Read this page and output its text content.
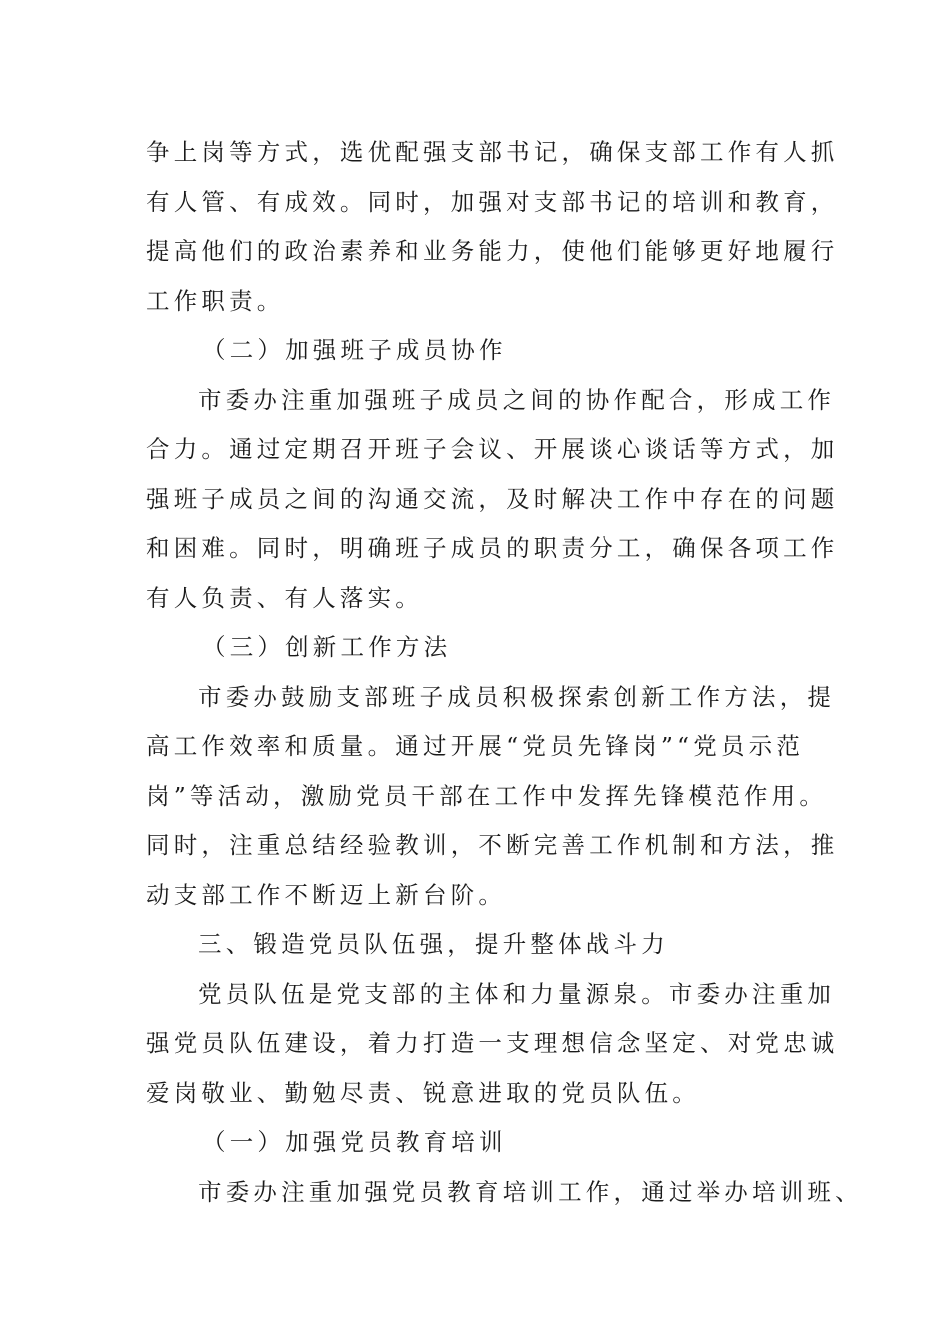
争上岗等方式，选优配强支部书记，确保支部工作有人抓
有人管、有成效。同时，加强对支部书记的培训和教育，
提高他们的政治素养和业务能力，使他们能够更好地履行
工作职责。
（二）加强班子成员协作
市委办注重加强班子成员之间的协作配合，形成工作
合力。通过定期召开班子会议、开展谈心谈话等方式，加
强班子成员之间的沟通交流，及时解决工作中存在的问题
和困难。同时，明确班子成员的职责分工，确保各项工作
有人负责、有人落实。
（三）创新工作方法
市委办鼓励支部班子成员积极探索创新工作方法，提
高工作效率和质量。通过开展“党员先锋岗”“党员示范
岗”等活动，激励党员干部在工作中发挥先锋模范作用。
同时，注重总结经验教训，不断完善工作机制和方法，推
动支部工作不断迈上新台阶。
三、锻造党员队伍强，提升整体战斗力
党员队伍是党支部的主体和力量源泉。市委办注重加
强党员队伍建设，着力打造一支理想信念坚定、对党忠诚
爱岗敬业、勤勉尽责、锐意进取的党员队伍。
（一）加强党员教育培训
市委办注重加强党员教育培训工作，通过举办培训班、
